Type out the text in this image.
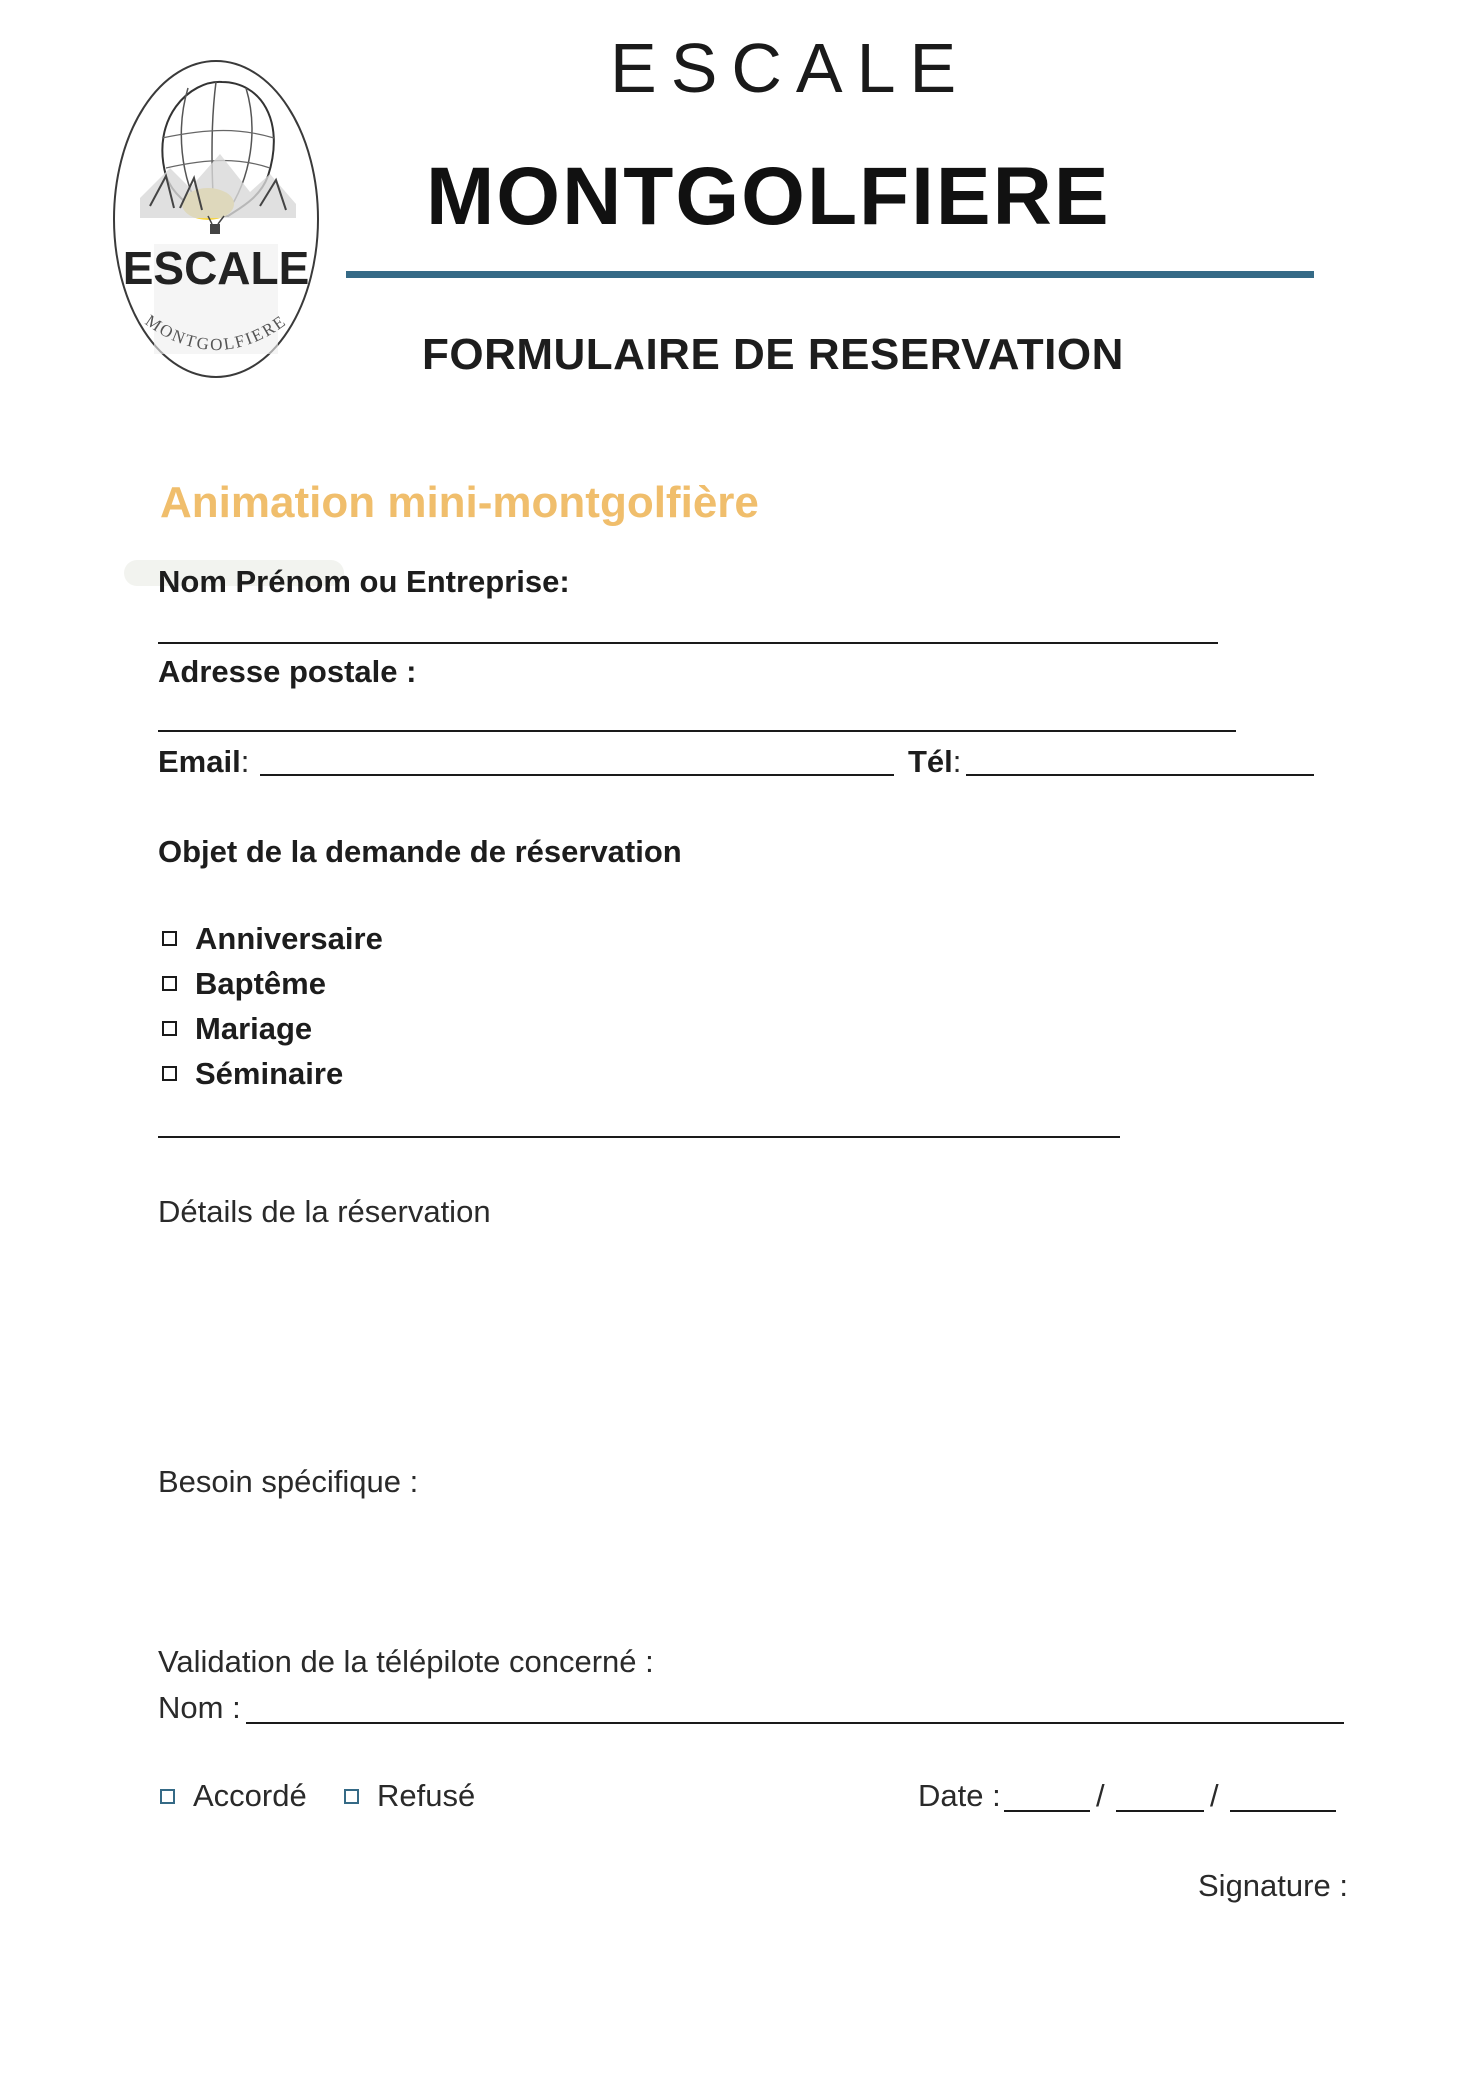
ESCALE
MONTGOLFIERE
ESCALE
MONTGOLFIERE
FORMULAIRE DE RESERVATION
Animation mini-montgolfière
Nom Prénom ou Entreprise:
Adresse postale :
Email :	Tél :
Objet de la demande de réservation
Anniversaire
Baptême
Mariage
Séminaire
Détails de la réservation
Besoin spécifique :
Validation de la télépilote concerné :
Nom :
Accordé Refusé	Date :	/	/
Signature :
